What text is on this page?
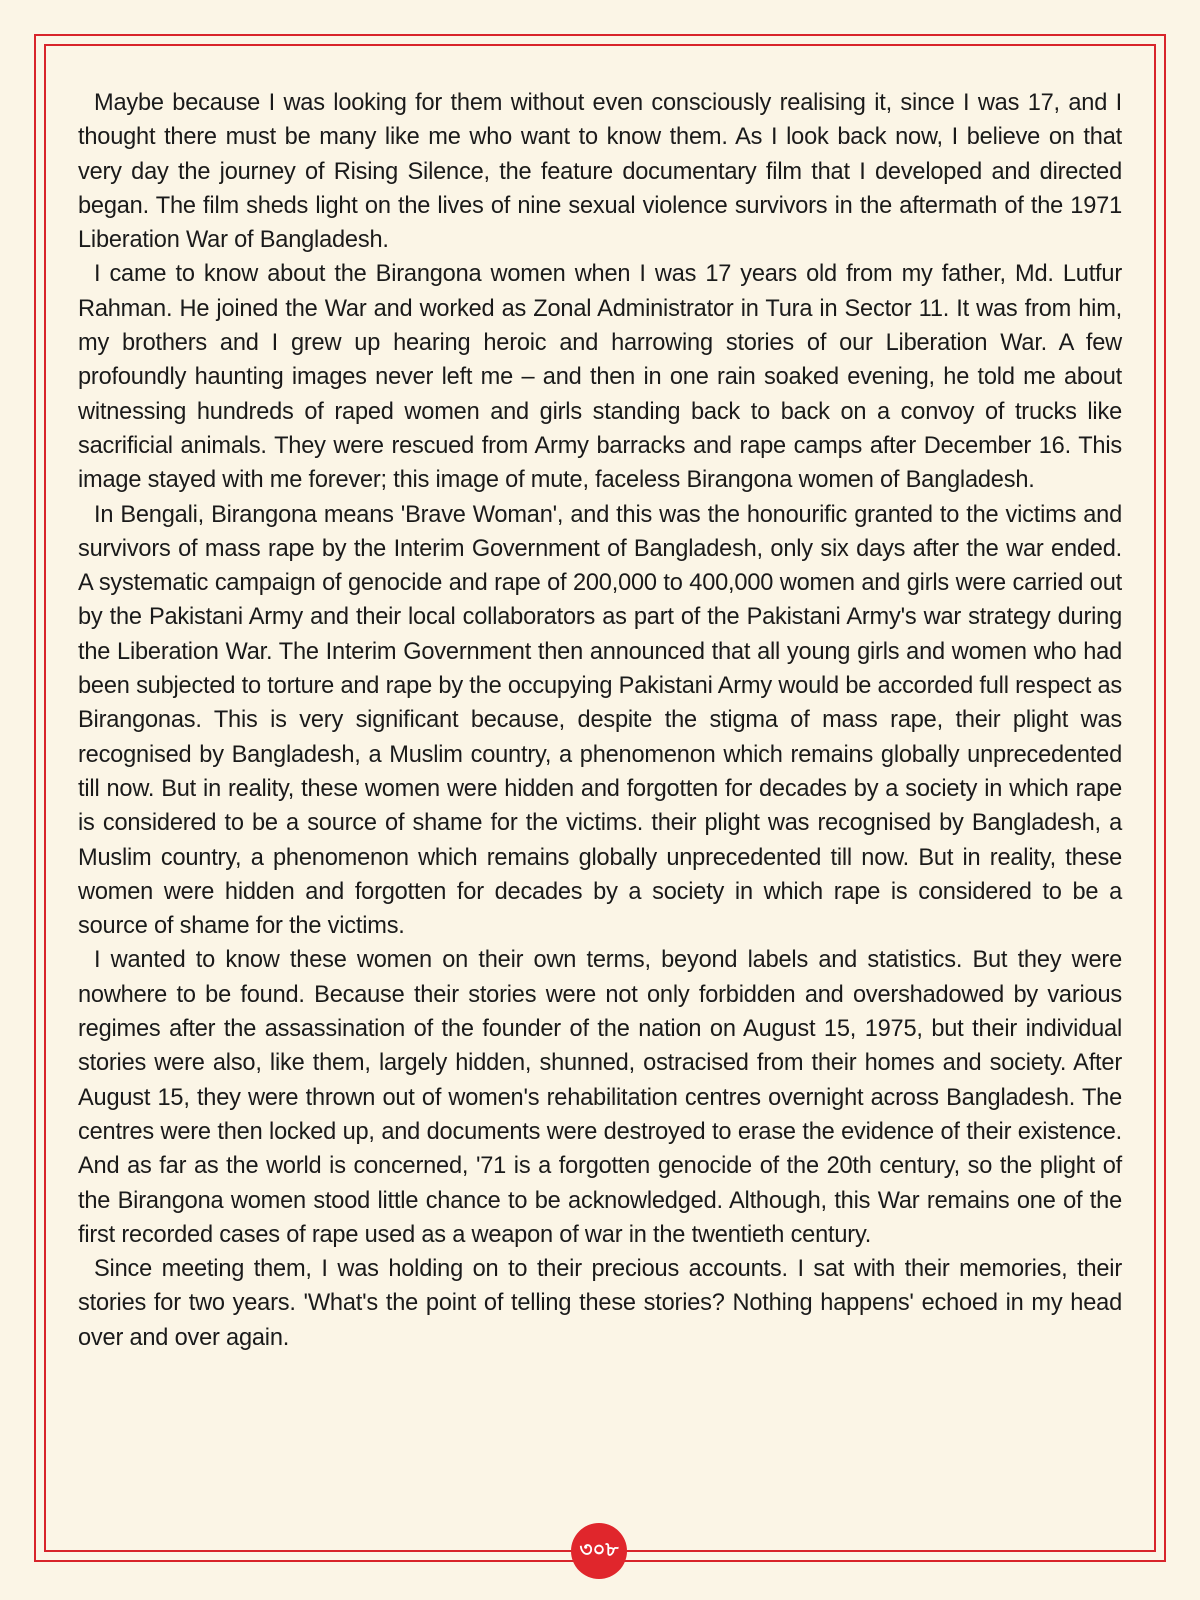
Maybe because I was looking for them without even consciously realising it, since I was 17, and I thought there must be many like me who want to know them. As I look back now, I believe on that very day the journey of Rising Silence, the feature documentary film that I developed and directed began. The film sheds light on the lives of nine sexual violence survivors in the aftermath of the 1971 Liberation War of Bangladesh.

I came to know about the Birangona women when I was 17 years old from my father, Md. Lutfur Rahman. He joined the War and worked as Zonal Administrator in Tura in Sector 11. It was from him, my brothers and I grew up hearing heroic and harrowing stories of our Liberation War. A few profoundly haunting images never left me – and then in one rain soaked evening, he told me about witnessing hundreds of raped women and girls standing back to back on a convoy of trucks like sacrificial animals. They were rescued from Army barracks and rape camps after December 16. This image stayed with me forever; this image of mute, faceless Birangona women of Bangladesh.

In Bengali, Birangona means 'Brave Woman', and this was the honourific granted to the victims and survivors of mass rape by the Interim Government of Bangladesh, only six days after the war ended. A systematic campaign of genocide and rape of 200,000 to 400,000 women and girls were carried out by the Pakistani Army and their local collaborators as part of the Pakistani Army's war strategy during the Liberation War. The Interim Government then announced that all young girls and women who had been subjected to torture and rape by the occupying Pakistani Army would be accorded full respect as Birangonas. This is very significant because, despite the stigma of mass rape, their plight was recognised by Bangladesh, a Muslim country, a phenomenon which remains globally unprecedented till now. But in reality, these women were hidden and forgotten for decades by a society in which rape is considered to be a source of shame for the victims. their plight was recognised by Bangladesh, a Muslim country, a phenomenon which remains globally unprecedented till now. But in reality, these women were hidden and forgotten for decades by a society in which rape is considered to be a source of shame for the victims.

I wanted to know these women on their own terms, beyond labels and statistics. But they were nowhere to be found. Because their stories were not only forbidden and overshadowed by various regimes after the assassination of the founder of the nation on August 15, 1975, but their individual stories were also, like them, largely hidden, shunned, ostracised from their homes and society. After August 15, they were thrown out of women's rehabilitation centres overnight across Bangladesh. The centres were then locked up, and documents were destroyed to erase the evidence of their existence. And as far as the world is concerned, '71 is a forgotten genocide of the 20th century, so the plight of the Birangona women stood little chance to be acknowledged. Although, this War remains one of the first recorded cases of rape used as a weapon of war in the twentieth century.

Since meeting them, I was holding on to their precious accounts. I sat with their memories, their stories for two years. 'What's the point of telling these stories? Nothing happens' echoed in my head over and over again.

৩০৮
